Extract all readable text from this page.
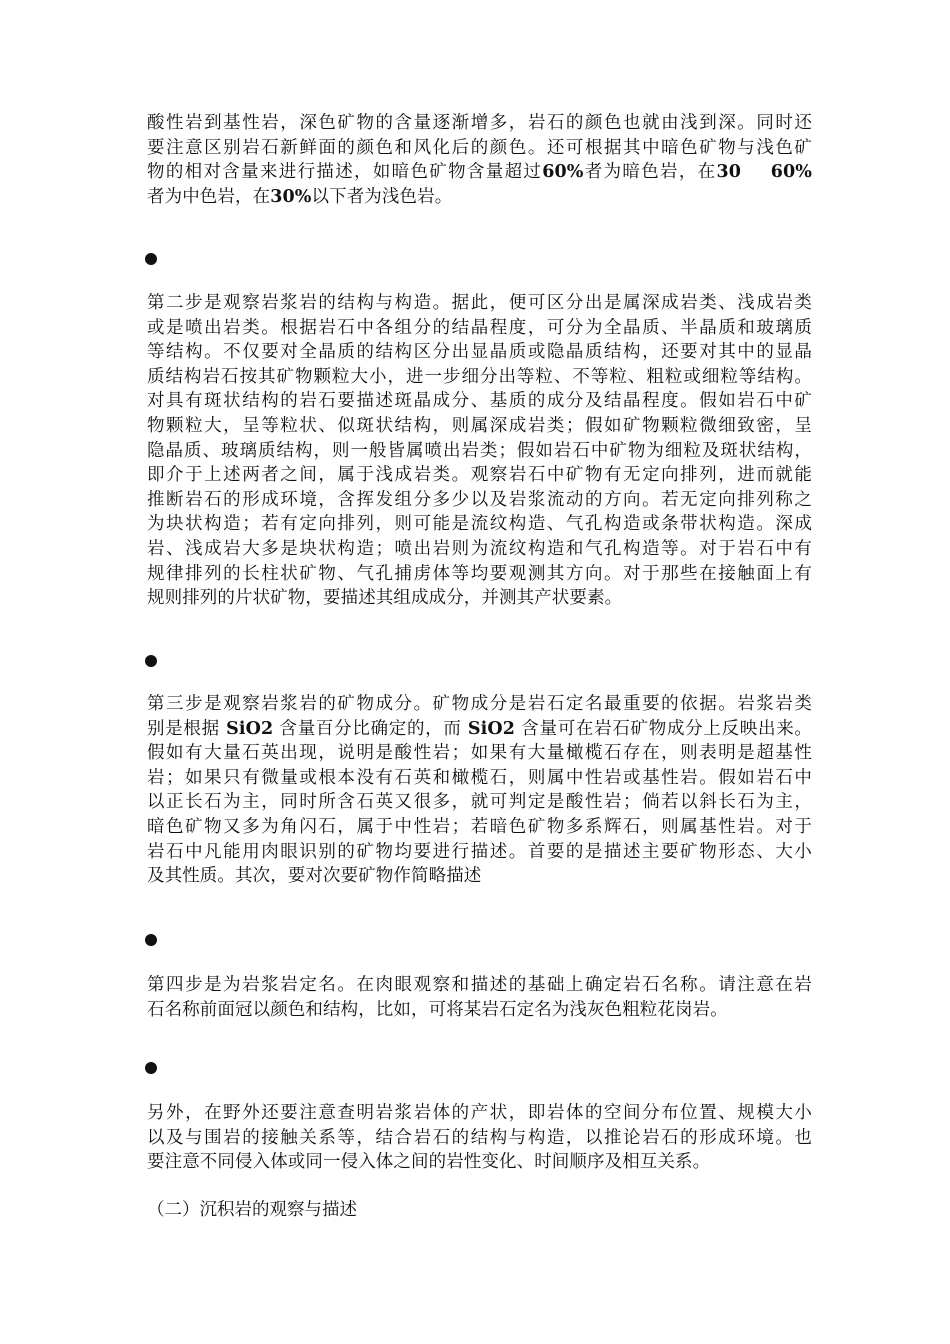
酸性岩到基性岩，深色矿物的含量逐渐增多，岩石的颜色也就由浅到深。同时还
要注意区别岩石新鲜面的颜色和风化后的颜色。还可根据其中暗色矿物与浅色矿
物的相对含量来进行描述，如暗色矿物含量超过60%者为暗色岩，在30    60%
者为中色岩，在30%以下者为浅色岩。
第二步是观察岩浆岩的结构与构造。据此，便可区分出是属深成岩类、浅成岩类
或是喷出岩类。根据岩石中各组分的结晶程度，可分为全晶质、半晶质和玻璃质
等结构。不仅要对全晶质的结构区分出显晶质或隐晶质结构，还要对其中的显晶
质结构岩石按其矿物颗粒大小，进一步细分出等粒、不等粒、粗粒或细粒等结构。
对具有斑状结构的岩石要描述斑晶成分、基质的成分及结晶程度。假如岩石中矿
物颗粒大，呈等粒状、似斑状结构，则属深成岩类；假如矿物颗粒微细致密，呈
隐晶质、玻璃质结构，则一般皆属喷出岩类；假如岩石中矿物为细粒及斑状结构，
即介于上述两者之间，属于浅成岩类。观察岩石中矿物有无定向排列，进而就能
推断岩石的形成环境，含挥发组分多少以及岩浆流动的方向。若无定向排列称之
为块状构造；若有定向排列，则可能是流纹构造、气孔构造或条带状构造。深成
岩、浅成岩大多是块状构造；喷出岩则为流纹构造和气孔构造等。对于岩石中有
规律排列的长柱状矿物、气孔捕虏体等均要观测其方向。对于那些在接触面上有
规则排列的片状矿物，要描述其组成成分，并测其产状要素。
第三步是观察岩浆岩的矿物成分。矿物成分是岩石定名最重要的依据。岩浆岩类
别是根据 SiO2 含量百分比确定的，而 SiO2 含量可在岩石矿物成分上反映出来。
假如有大量石英出现，说明是酸性岩；如果有大量橄榄石存在，则表明是超基性
岩；如果只有微量或根本没有石英和橄榄石，则属中性岩或基性岩。假如岩石中
以正长石为主，同时所含石英又很多，就可判定是酸性岩；倘若以斜长石为主，
暗色矿物又多为角闪石，属于中性岩；若暗色矿物多系辉石，则属基性岩。对于
岩石中凡能用肉眼识别的矿物均要进行描述。首要的是描述主要矿物形态、大小
及其性质。其次，要对次要矿物作简略描述
第四步是为岩浆岩定名。在肉眼观察和描述的基础上确定岩石名称。请注意在岩
石名称前面冠以颜色和结构，比如，可将某岩石定名为浅灰色粗粒花岗岩。
另外，在野外还要注意查明岩浆岩体的产状，即岩体的空间分布位置、规模大小
以及与围岩的接触关系等，结合岩石的结构与构造，以推论岩石的形成环境。也
要注意不同侵入体或同一侵入体之间的岩性变化、时间顺序及相互关系。
（二）沉积岩的观察与描述
